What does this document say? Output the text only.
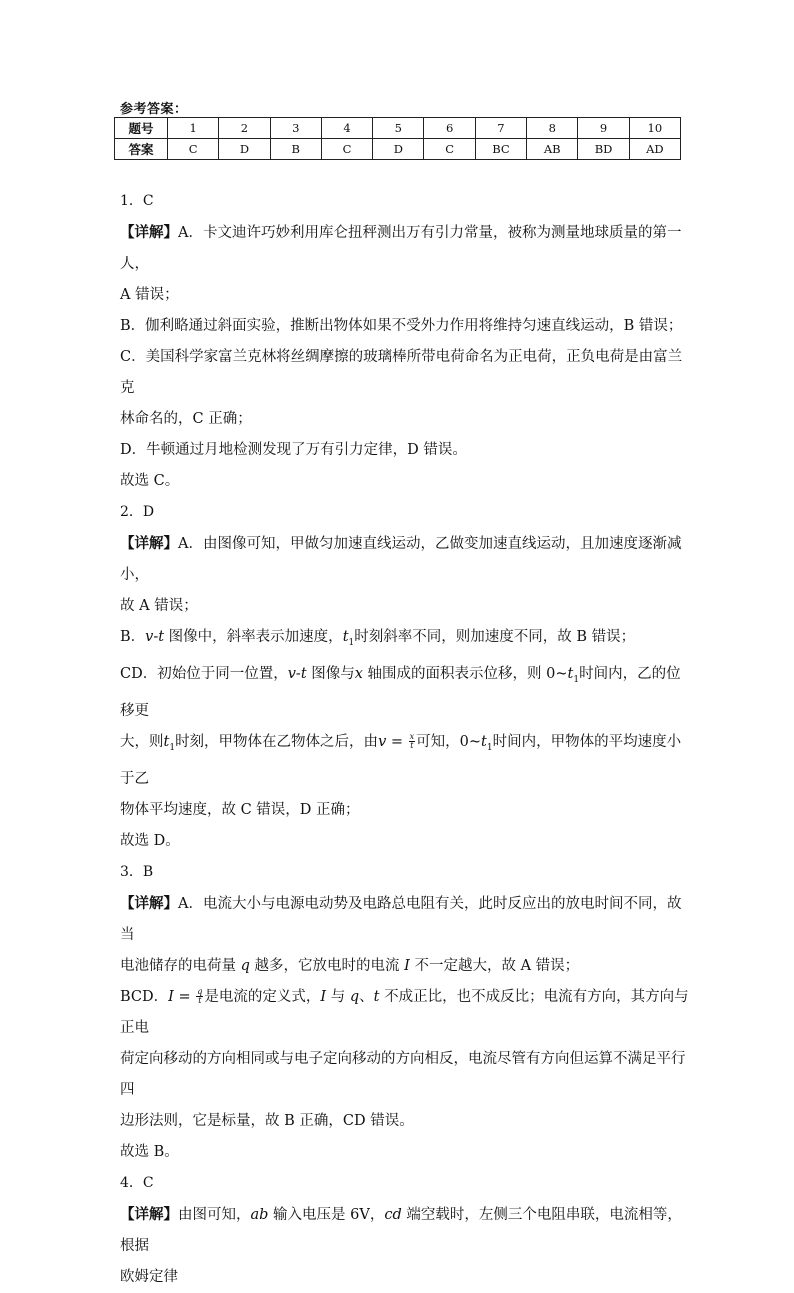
参考答案：
题号	1	2	3	4	5	6	7	8	9	10
答案	C	D	B	C	D	C	BC	AB	BD	AD

1．C

【详解】A．卡文迪许巧妙利用库仑扭秤测出万有引力常量，被称为测量地球质量的第一人，

A 错误；

B．伽利略通过斜面实验，推断出物体如果不受外力作用将维持匀速直线运动，B 错误；

C．美国科学家富兰克林将丝绸摩擦的玻璃棒所带电荷命名为正电荷，正负电荷是由富兰克

林命名的，C 正确；

D．牛顿通过月地检测发现了万有引力定律，D 错误。

故选 C。

2．D

【详解】A．由图像可知，甲做匀加速直线运动，乙做变加速直线运动，且加速度逐渐减小，

故 A 错误；

B．v-t 图像中，斜率表示加速度，$t_1$时刻斜率不同，则加速度不同，故 B 错误；

CD．初始位于同一位置，v-t 图像与x 轴围成的面积表示位移，则 $0\sim t_1$时间内，乙的位移更

大，则$t_1$时刻，甲物体在乙物体之后，由$v = \frac{x}{t}$ 可知，$0\sim t_1$时间内，甲物体的平均速度小于乙

物体平均速度，故 C 错误，D 正确；

故选 D。

3．B

【详解】A．电流大小与电源电动势及电路总电阻有关，此时反应出的放电时间不同，故当

电池储存的电荷量 q 越多，它放电时的电流 I 不一定越大，故 A 错误；

BCD．$I = \frac{q}{t}$ 是电流的定义式，I 与 q、t 不成正比，也不成反比；电流有方向，其方向与正电

荷定向移动的方向相同或与电子定向移动的方向相反，电流尽管有方向但运算不满足平行四

边形法则，它是标量，故 B 正确，CD 错误。

故选 B。

4．C

【详解】由图可知，ab 输入电压是 6V，cd 端空载时，左侧三个电阻串联，电流相等，根据

欧姆定律
